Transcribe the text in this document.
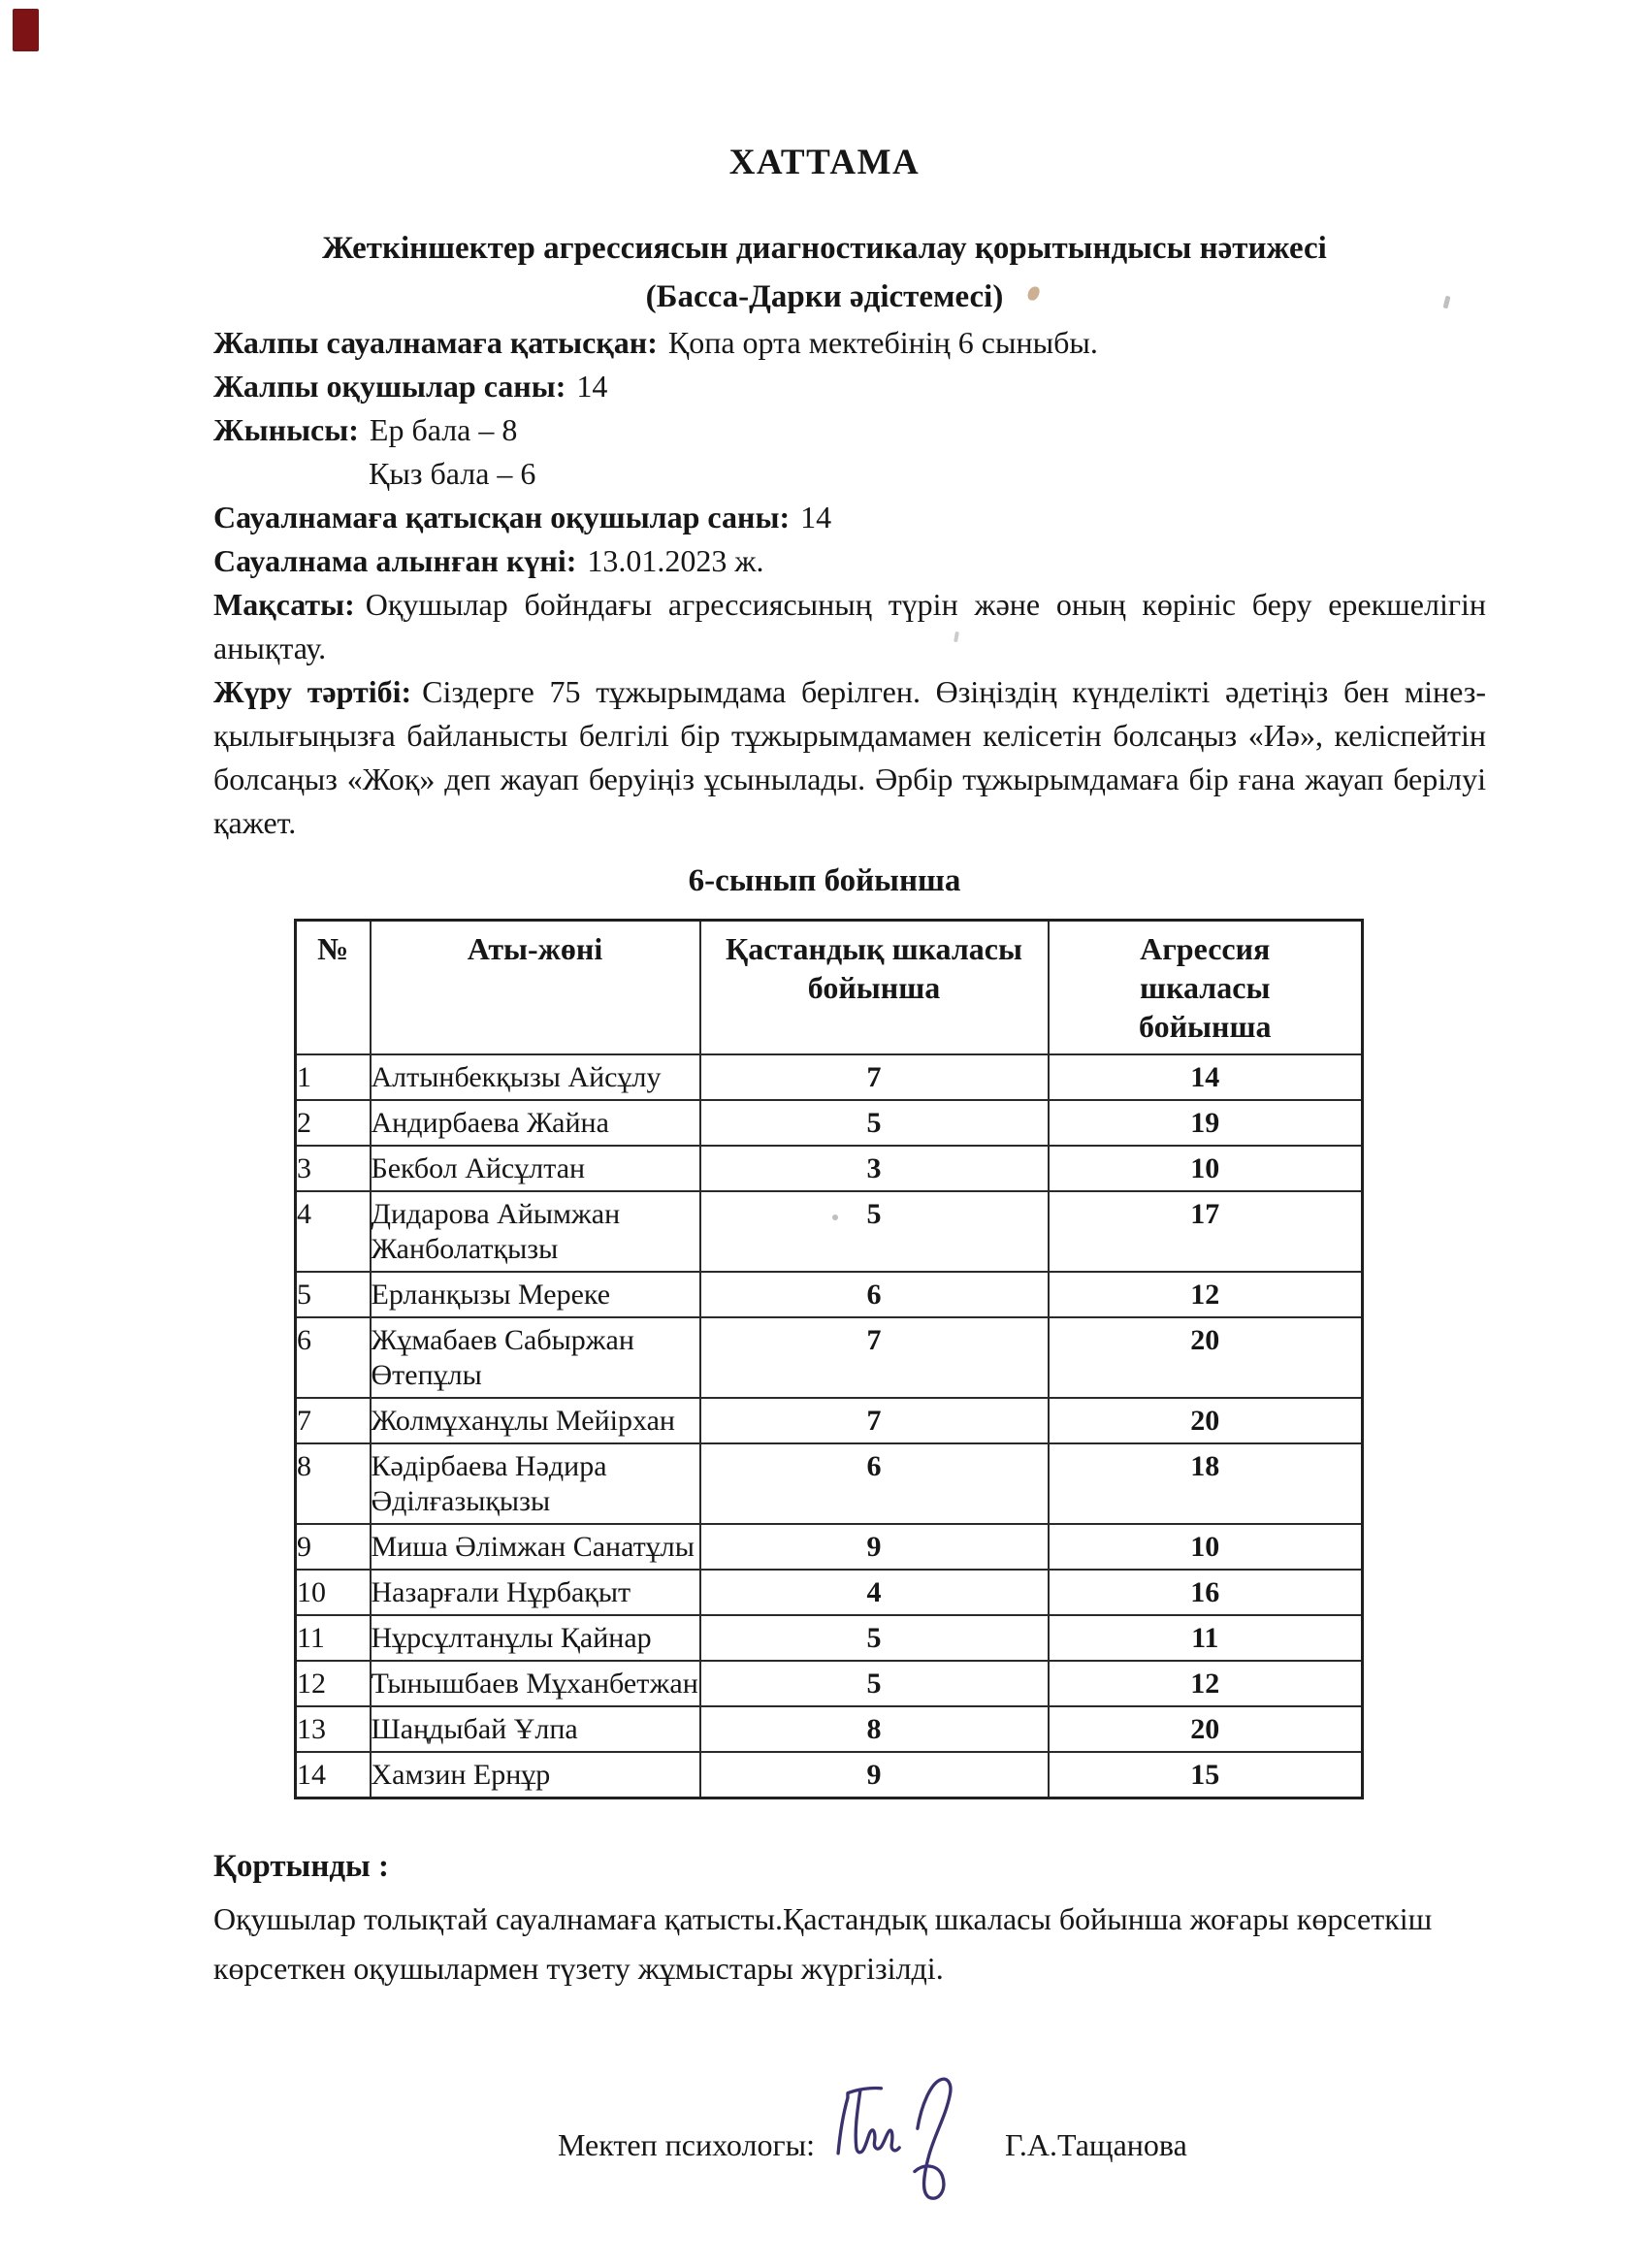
ХАТТАМА
Жеткіншектер агрессиясын диагностикалау қорытындысы нәтижесі
(Басса-Дарки әдістемесі)
Жалпы сауалнамаға қатысқан: Қопа орта мектебінің 6 сыныбы.
Жалпы оқушылар саны: 14
Жынысы: Ер бала – 8
Қыз бала – 6
Сауалнамаға қатысқан оқушылар саны: 14
Сауалнама алынған күні: 13.01.2023 ж.

Мақсаты: Оқушылар бойндағы агрессиясының түрін және оның көрініс беру ерекшелігін анықтау.

Жүру тәртібі: Сіздерге 75 тұжырымдама берілген. Өзіңіздің күнделікті әдетіңіз бен мінез-қылығыңызға байланысты белгілі бір тұжырымдамамен келісетін болсаңыз «Иә», келіспейтін болсаңыз «Жоқ» деп жауап беруіңіз ұсынылады. Әрбір тұжырымдамаға бір ғана жауап берілуі қажет.

6-сынып бойынша
№	Аты-жөні	Қастандық шкаласы бойынша	Агрессия шкаласы бойынша

1	Алтынбекқызы Айсұлу	7	14
2	Андирбаева Жайна	5	19
3	Бекбол Айсұлтан	3	10
4	Дидарова Айымжан Жанболатқызы	5	17
5	Ерланқызы Мереке	6	12
6	Жұмабаев Сабыржан Өтепұлы	7	20
7	Жолмұханұлы Мейірхан	7	20
8	Кәдірбаева Нәдира Әділғазықызы	6	18
9	Миша Әлімжан Санатұлы	9	10
10	Назарғали Нұрбақыт	4	16
11	Нұрсұлтанұлы Қайнар	5	11
12	Тынышбаев Мұханбетжан	5	12
13	Шаңдыбай Ұлпа	8	20
14	Хамзин Ернұр	9	15
Қортынды :

Оқушылар толықтай сауалнамаға қатысты.Қастандық шкаласы бойынша жоғары көрсеткіш көрсеткен оқушылармен түзету жұмыстары жүргізілді.

Мектеп психологы:	Г.А.Тащанова
